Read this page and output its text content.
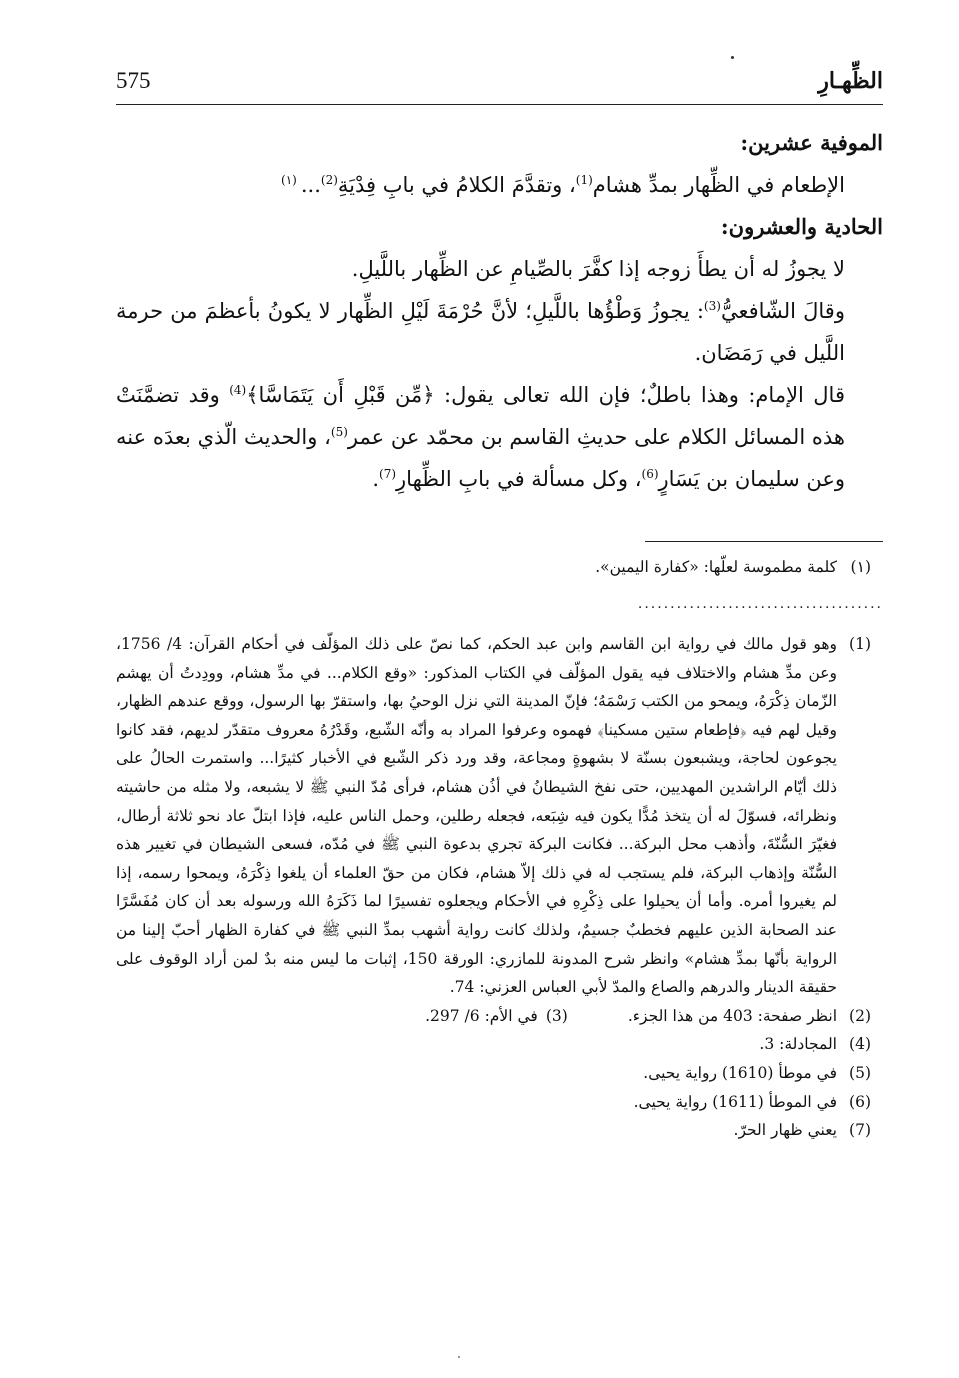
575	الظِّهـارِ

الموفية عشرين:

الإطعام في الظِّهار بمدِّ هشام$^{(1)}$، وتقدَّمَ الكلامُ في بابِ فِدْيَةِ$^{(2)}$...$^{(١)}$

الحادية والعشرون:

لا يجوزُ له أن يطأَ زوجه إذا كفَّرَ بالصِّيامِ عن الظِّهار باللَّيلِ.

وقالَ الشّافعيُّ$^{(3)}$: يجوزُ وَطْؤُها باللَّيلِ؛ لأنَّ حُرْمَةَ لَيْلِ الظِّهار لا يكونُ بأعظمَ من حرمة اللَّيل في رَمَضَان.

قال الإمام: وهذا باطلٌ؛ فإن الله تعالى يقول: ﴿مِّن قَبْلِ أَن يَتَمَاسَّا﴾$^{(4)}$ وقد تضمَّنَتْ هذه المسائل الكلام على حديثِ القاسم بن محمّد عن عمر$^{(5)}$، والحديث الّذي بعدَه عنه وعن سليمان بن يَسَارٍ$^{(6)}$، وكل مسألة في بابِ الظِّهارِ$^{(7)}$.

(١)
كلمة مطموسة لعلّها: «كفارة اليمين».
......................................
(1)
وهو قول مالك في رواية ابن القاسم وابن عبد الحكم، كما نصّ على ذلك المؤلّف في أحكام القرآن: 4/ 1756، وعن مدِّ هشام والاختلاف فيه يقول المؤلّف في الكتاب المذكور: «وقع الكلام... في مدِّ هشام، وودِدتُ أن يهشم الزّمان ذِكْرَهُ، ويمحو من الكتب رَسْمَهُ؛ فإنّ المدينة التي نزل الوحيُ بها، واستقرّ بها الرسول، ووقع عندهم الظهار، وقيل لهم فيه ﴿فإطعام ستين مسكينا﴾ فهموه وعرفوا المراد به وأنّه الشّبع، وقَدْرُهُ معروف متقدّر لديهم، فقد كانوا يجوعون لحاجة، ويشبعون بسنّة لا بشهوةٍ ومجاعة، وقد ورد ذكر الشّبع في الأخبار كثيرًا... واستمرت الحالُ على ذلك أيّام الراشدين المهديين، حتى نفخ الشيطانُ في أذُن هشام، فرأى مُدّ النبي ﷺ لا يشبعه، ولا مثله من حاشيته ونظرائه، فسوّلَ له أن يتخذ مُدًّا يكون فيه شِبَعه، فجعله رطلين، وحمل الناس عليه، فإذا ابتلّ عاد نحو ثلاثة أرطال، فغيّرَ السُّنّةَ، وأذهب محل البركة... فكانت البركة تجري بدعوة النبي ﷺ في مُدّه، فسعى الشيطان في تغيير هذه السُّنّة وإذهاب البركة، فلم يستجب له في ذلك إلاّ هشام، فكان من حقّ العلماء أن يلغوا ذِكْرَهُ، ويمحوا رسمه، إذا لم يغيروا أمره. وأما أن يحيلوا على ذِكْرِهِ في الأحكام ويجعلوه تفسيرًا لما ذَكَرَهُ الله ورسوله بعد أن كان مُفَسَّرًا عند الصحابة الذين عليهم فخطبٌ جسيمٌ، ولذلك كانت رواية أشهب بمدِّ النبي ﷺ في كفارة الظهار أحبّ إلينا من الرواية بأنّها بمدِّ هشام» وانظر شرح المدونة للمازري: الورقة 150، إثبات ما ليس منه بدٌ لمن أراد الوقوف على حقيقة الدينار والدرهم والصاع والمدّ لأبي العباس العزني: 74.
(2)
انظر صفحة: 403 من هذا الجزء.
(3)
في الأم: 6/ 297.
(4)
المجادلة: 3.
(5)
في موطأ (1610) رواية يحيى.
(6)
في الموطأ (1611) رواية يحيى.
(7)
يعني ظهار الحرّ.
